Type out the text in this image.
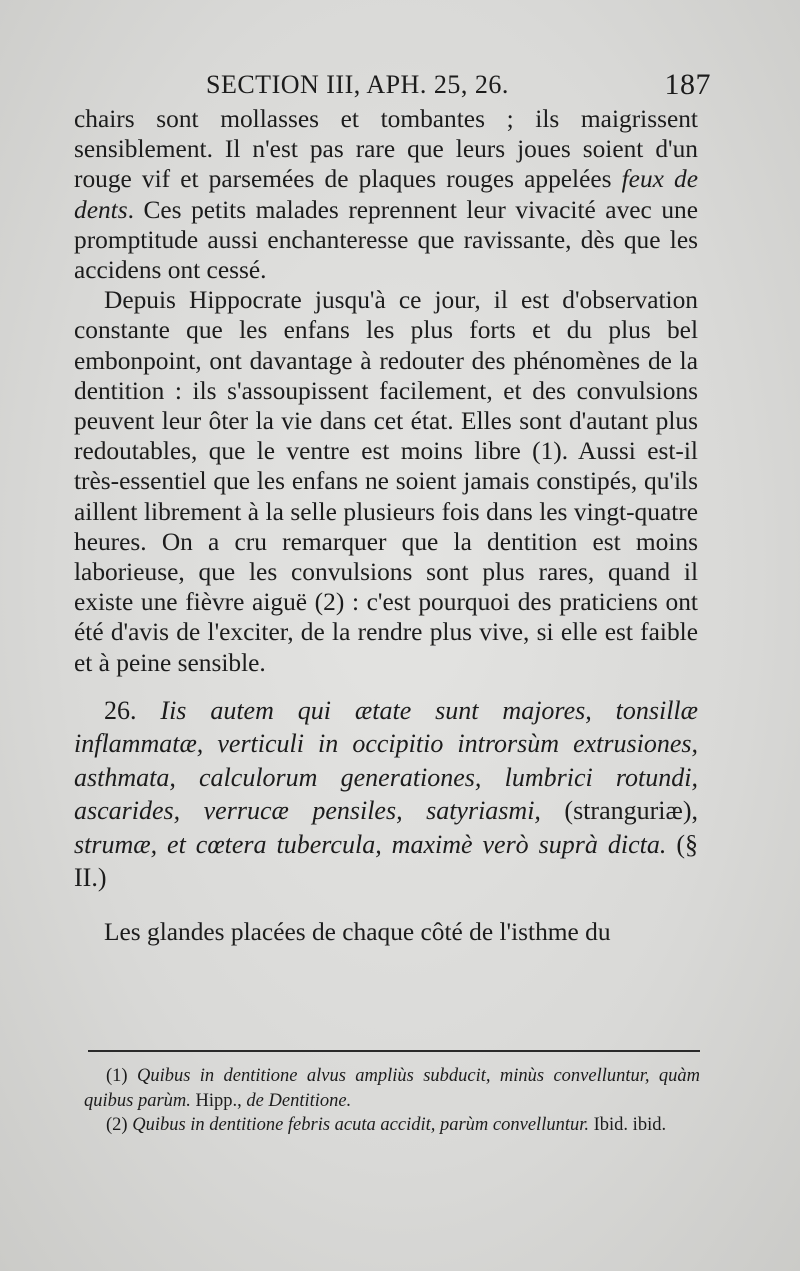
SECTION III, APH. 25, 26.	187

chairs sont mollasses et tombantes ; ils maigrissent sensiblement. Il n'est pas rare que leurs joues soient d'un rouge vif et parsemées de plaques rouges appelées feux de dents. Ces petits malades reprennent leur vivacité avec une promptitude aussi enchanteresse que ravissante, dès que les accidens ont cessé.

Depuis Hippocrate jusqu'à ce jour, il est d'observation constante que les enfans les plus forts et du plus bel embonpoint, ont davantage à redouter des phénomènes de la dentition : ils s'assoupissent facilement, et des convulsions peuvent leur ôter la vie dans cet état. Elles sont d'autant plus redoutables, que le ventre est moins libre (1). Aussi est-il très-essentiel que les enfans ne soient jamais constipés, qu'ils aillent librement à la selle plusieurs fois dans les vingt-quatre heures. On a cru remarquer que la dentition est moins laborieuse, que les convulsions sont plus rares, quand il existe une fièvre aiguë (2) : c'est pourquoi des praticiens ont été d'avis de l'exciter, de la rendre plus vive, si elle est faible et à peine sensible.

26. Iis autem qui ætate sunt majores, tonsillæ inflammatæ, verticuli in occipitio introrsùm extrusiones, asthmata, calculorum generationes, lumbrici rotundi, ascarides, verrucæ pensiles, satyriasmi, (stranguriæ), strumæ, et cœtera tubercula, maximè verò suprà dicta. (§ II.)

Les glandes placées de chaque côté de l'isthme du

(1) Quibus in dentitione alvus ampliùs subducit, minùs convelluntur, quàm quibus parùm. Hipp., de Dentitione.

(2) Quibus in dentitione febris acuta accidit, parùm convelluntur. Ibid. ibid.
